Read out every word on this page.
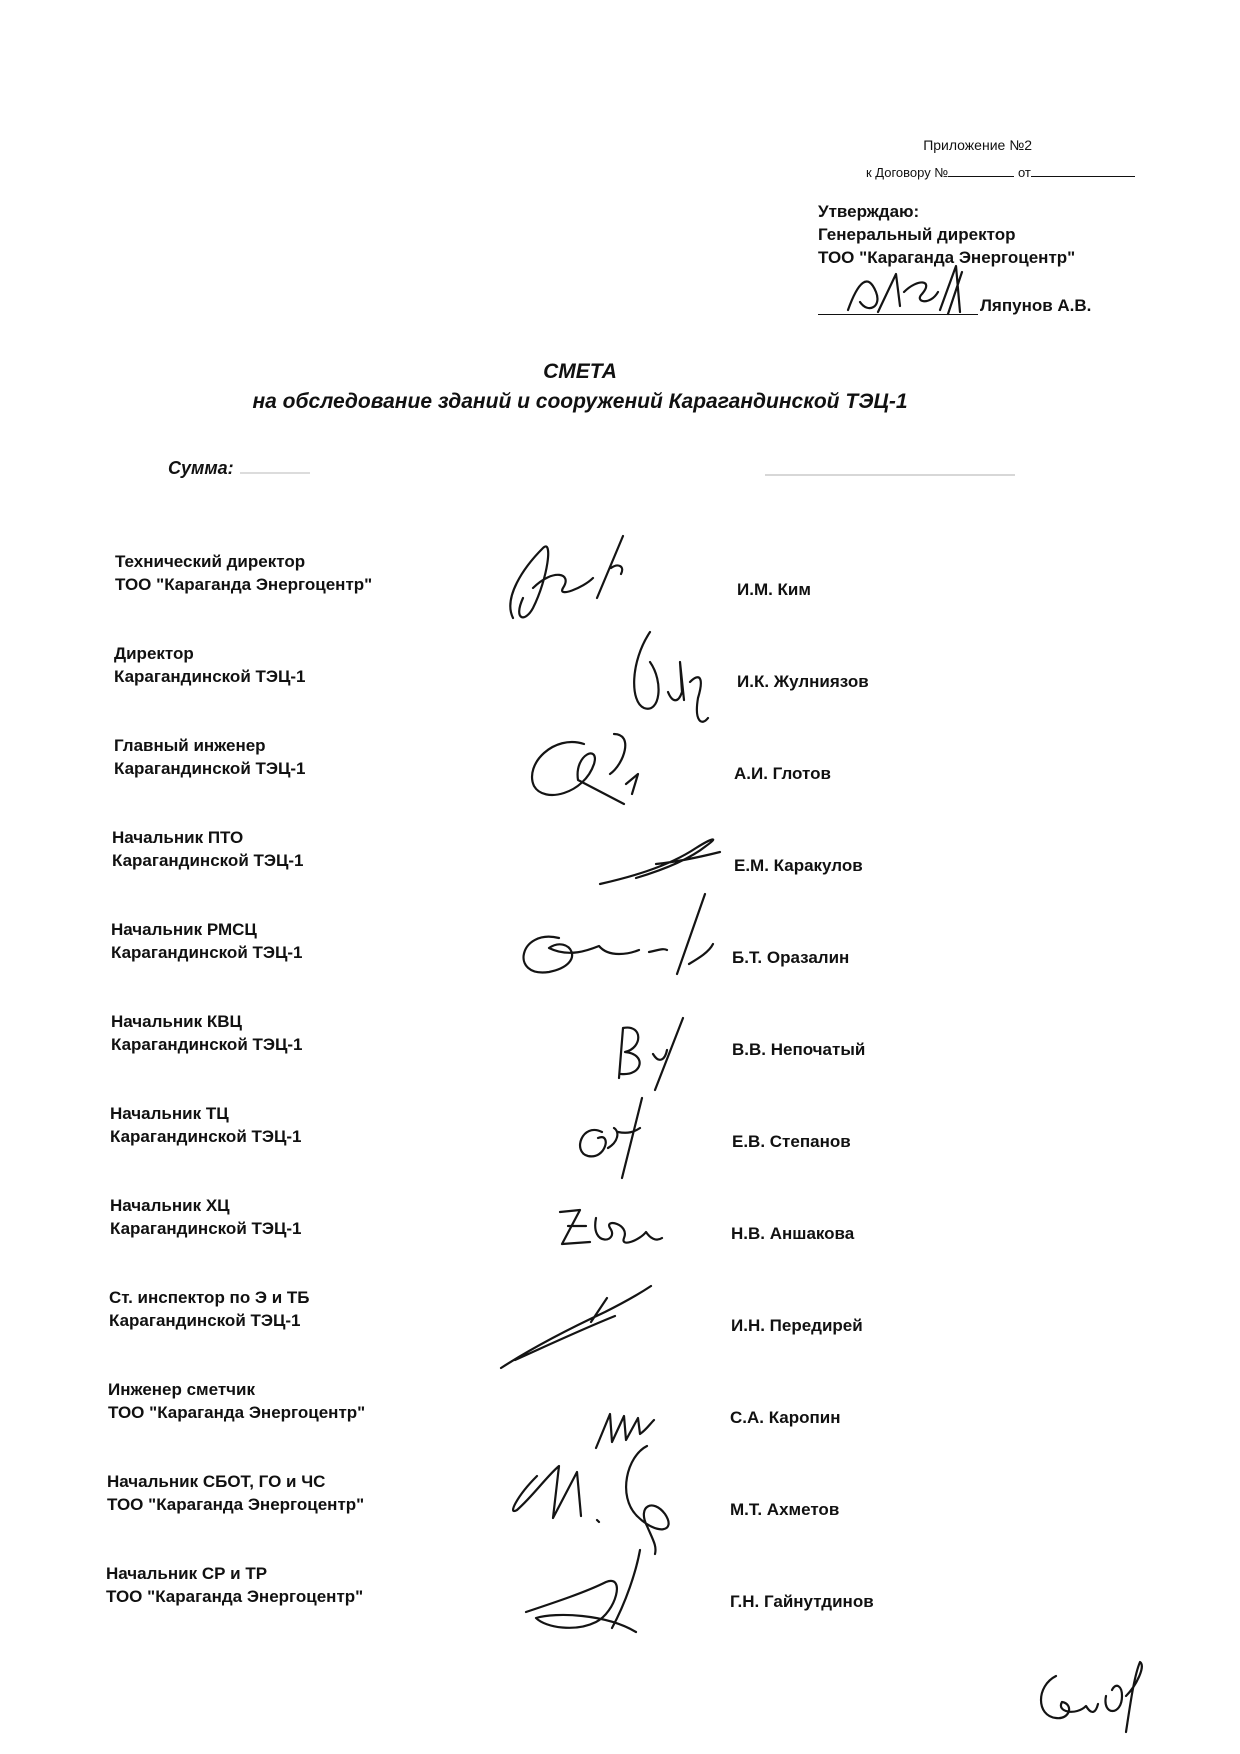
Приложение №2
к Договору №	от
Утверждаю:
Генеральный директор
ТОО "Караганда Энергоцентр"
Ляпунов А.В.
СМЕТА
на обследование зданий и сооружений Карагандинской ТЭЦ-1
Сумма:
Технический директор
ТОО "Караганда Энергоцентр"	И.М. Ким
Директор
Карагандинской ТЭЦ-1	И.К. Жулниязов
Главный инженер
Карагандинской ТЭЦ-1	А.И. Глотов
Начальник ПТО
Карагандинской ТЭЦ-1	Е.М. Каракулов
Начальник РМСЦ
Карагандинской ТЭЦ-1	Б.Т. Оразалин
Начальник КВЦ
Карагандинской ТЭЦ-1	В.В. Непочатый
Начальник ТЦ
Карагандинской ТЭЦ-1	Е.В. Степанов
Начальник ХЦ
Карагандинской ТЭЦ-1	Н.В. Аншакова
Ст. инспектор по Э и ТБ
Карагандинской ТЭЦ-1	И.Н. Передирей
Инженер сметчик
ТОО "Караганда Энергоцентр"	С.А. Каропин
Начальник СБОТ, ГО и ЧС
ТОО "Караганда Энергоцентр"	М.Т. Ахметов
Начальник СР и ТР
ТОО "Караганда Энергоцентр"	Г.Н. Гайнутдинов
